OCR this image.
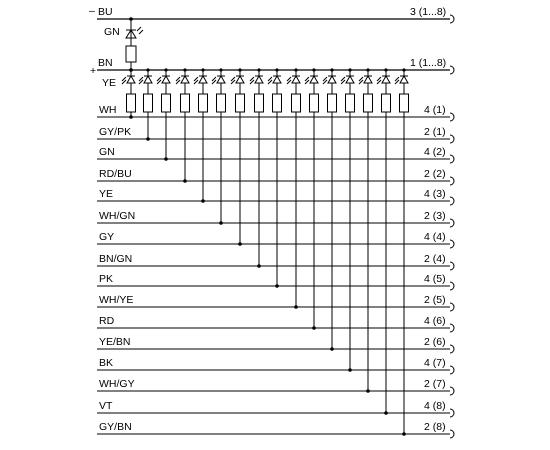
– BU	3 (1...8)
GN
+
BN	1 (1...8)
YE
WH	4 (1)
GY/PK	2 (1)
GN	4 (2)
RD/BU	2 (2)
YE	4 (3)
WH/GN	2 (3)
GY	4 (4)
BN/GN	2 (4)
PK	4 (5)
WH/YE	2 (5)
RD	4 (6)
YE/BN	2 (6)
BK	4 (7)
WH/GY	2 (7)
VT	4 (8)
GY/BN	2 (8)
